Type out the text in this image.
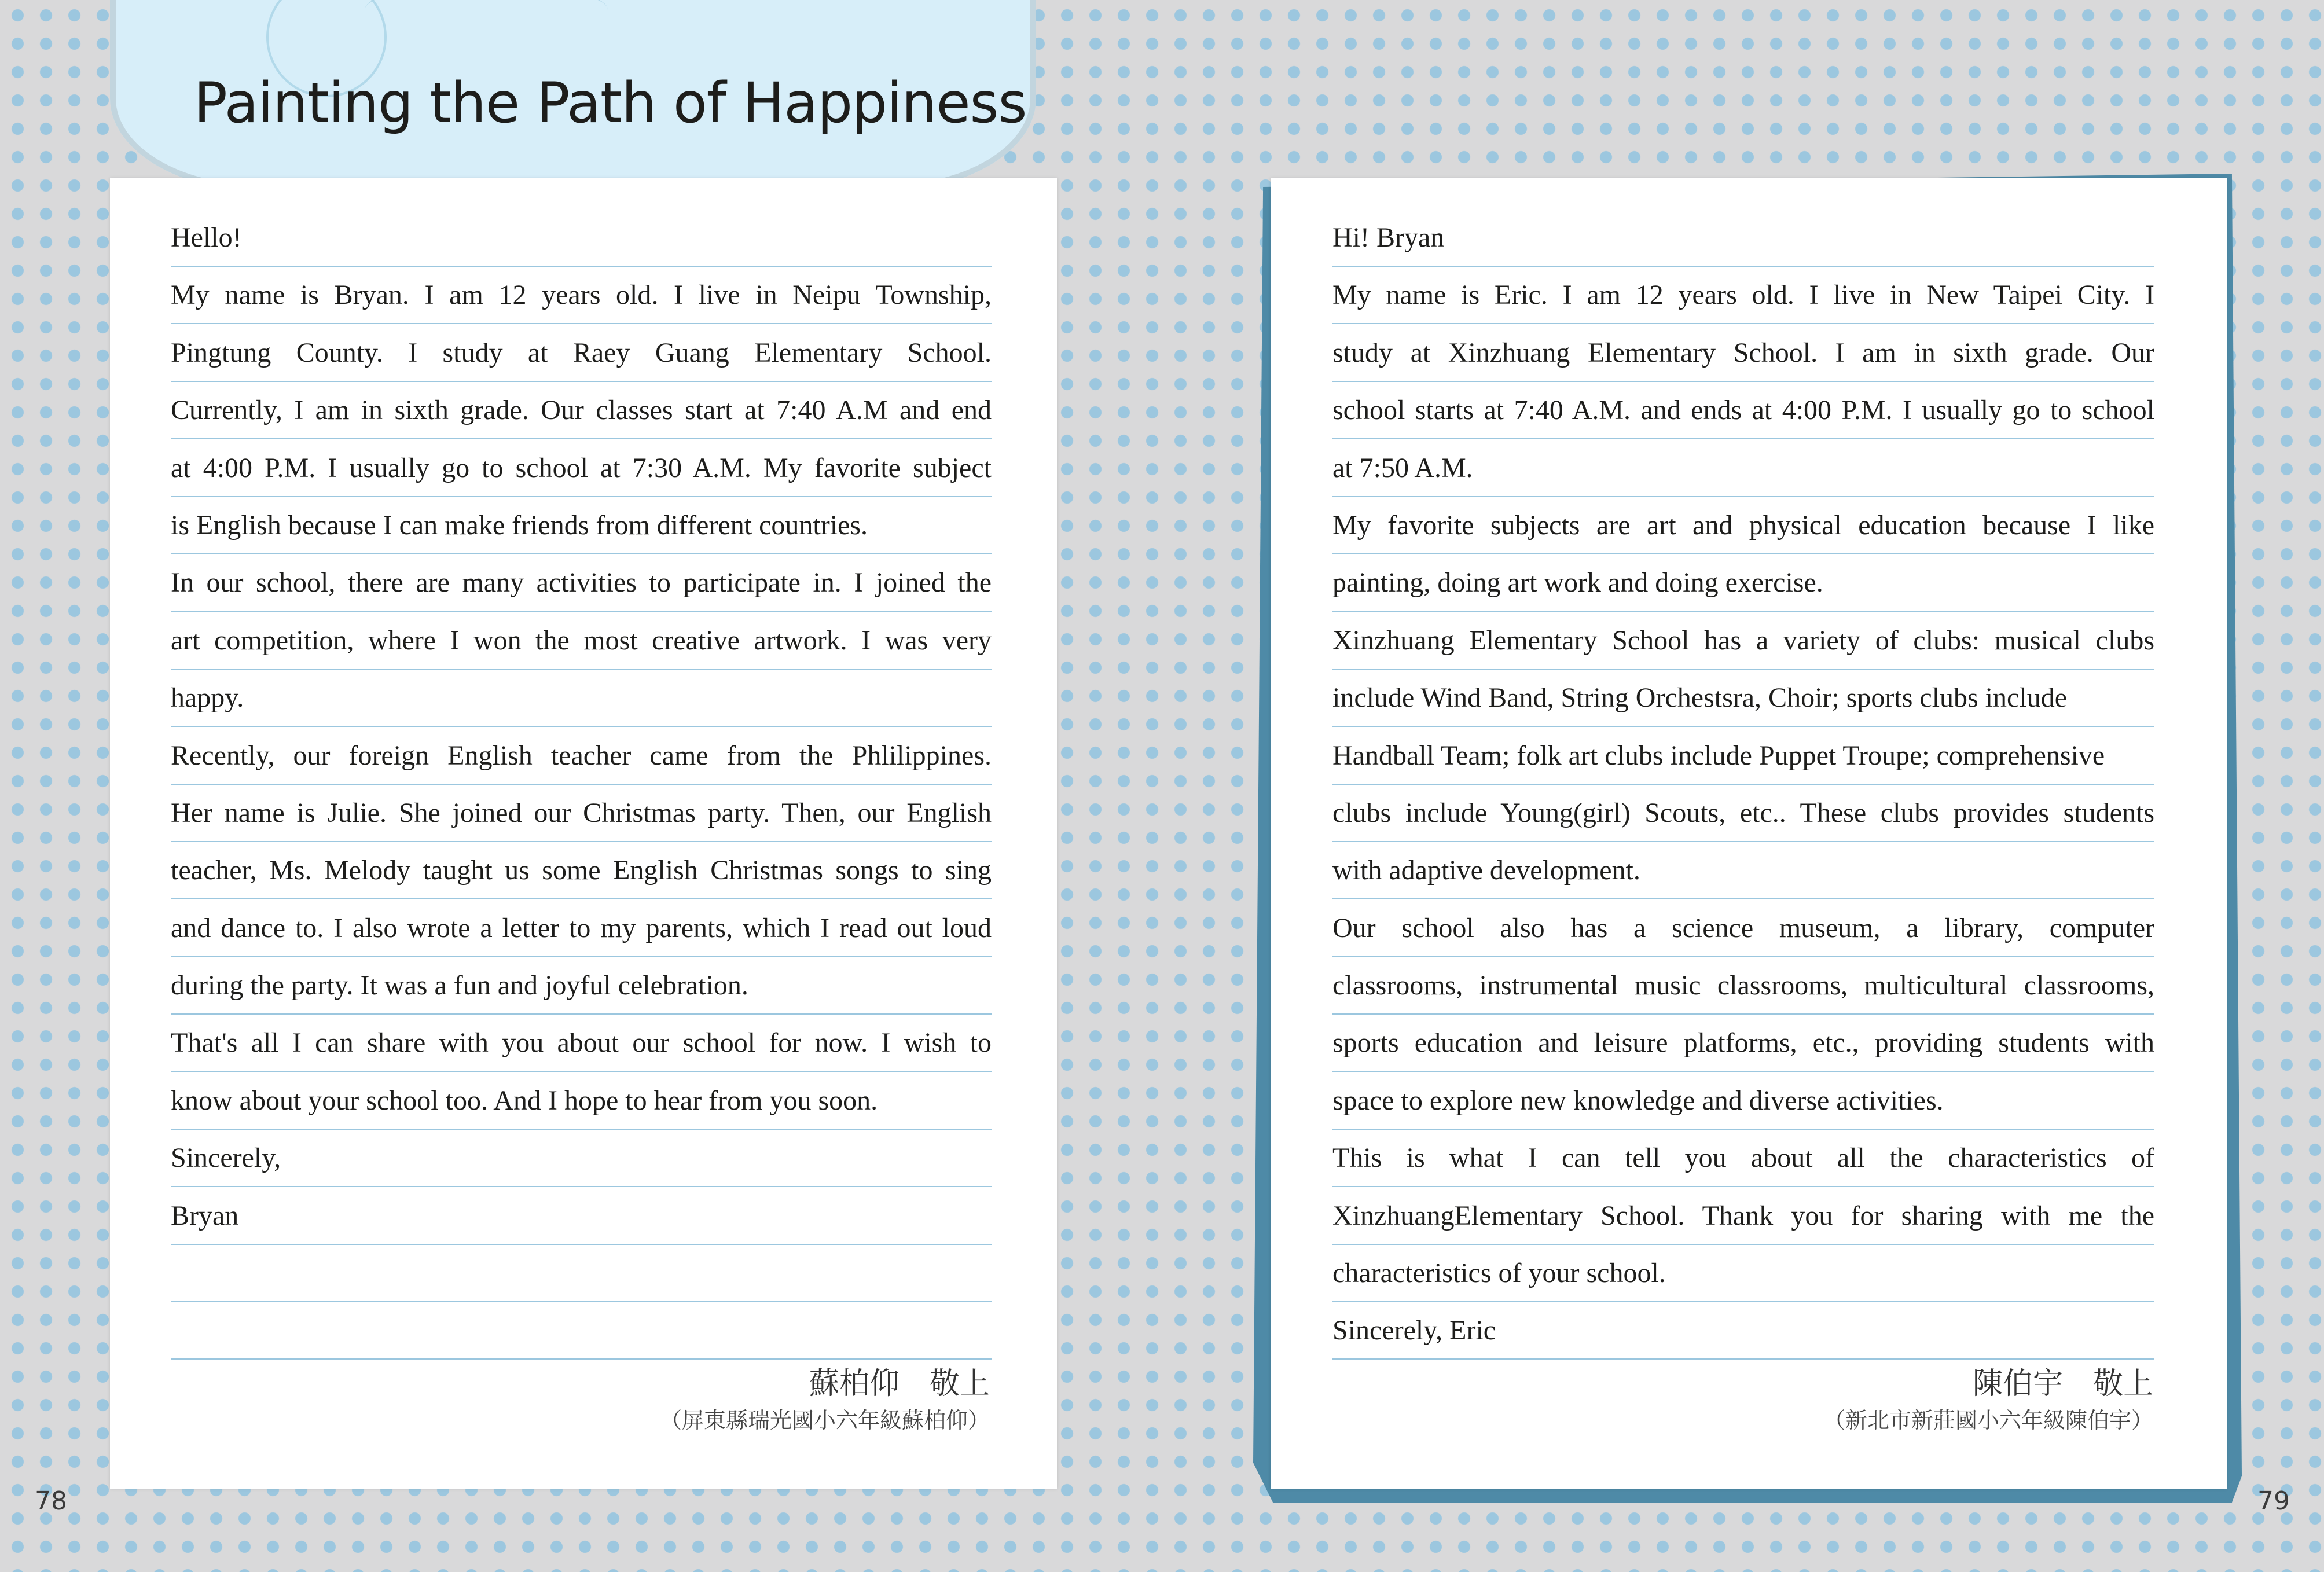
Painting the Path of Happiness
Hello!
My name is Bryan. I am 12 years old. I live in Neipu Township,
Pingtung County. I study at Raey Guang Elementary School.
Currently, I am in sixth grade. Our classes start at 7:40 A.M and end
at 4:00 P.M. I usually go to school at 7:30 A.M. My favorite subject
is English because I can make friends from different countries.
In our school, there are many activities to participate in. I joined the
art competition, where I won the most creative artwork. I was very
happy.
Recently, our foreign English teacher came from the Phlilippines.
Her name is Julie. She joined our Christmas party. Then, our English
teacher, Ms. Melody taught us some English Christmas songs to sing
and dance to. I also wrote a letter to my parents, which I read out loud
during the party. It was a fun and joyful celebration.
That's all I can share with you about our school for now. I wish to
know about your school too. And I hope to hear from you soon.
Sincerely,
Bryan
Hi! Bryan
My name is Eric. I am 12 years old. I live in New Taipei City. I
study at Xinzhuang Elementary School. I am in sixth grade. Our
school starts at 7:40 A.M. and ends at 4:00 P.M. I usually go to school
at 7:50 A.M.
My favorite subjects are art and physical education because I like
painting, doing art work and doing exercise.
Xinzhuang Elementary School has a variety of clubs: musical clubs
include Wind Band, String Orchestsra, Choir; sports clubs include
Handball Team; folk art clubs include Puppet Troupe; comprehensive
clubs include Young(girl) Scouts, etc.. These clubs provides students
with adaptive development.
Our school also has a science museum, a library, computer
classrooms, instrumental music classrooms, multicultural classrooms,
sports education and leisure platforms, etc., providing students with
space to explore new knowledge and diverse activities.
This is what I can tell you about all the characteristics of
XinzhuangElementary School. Thank you for sharing with me the
characteristics of your school.
Sincerely, Eric
蘇柏仰　敬上
（屏東縣瑞光國小六年級蘇柏仰）
陳伯宇　敬上
（新北市新莊國小六年級陳伯宇）
78	79
